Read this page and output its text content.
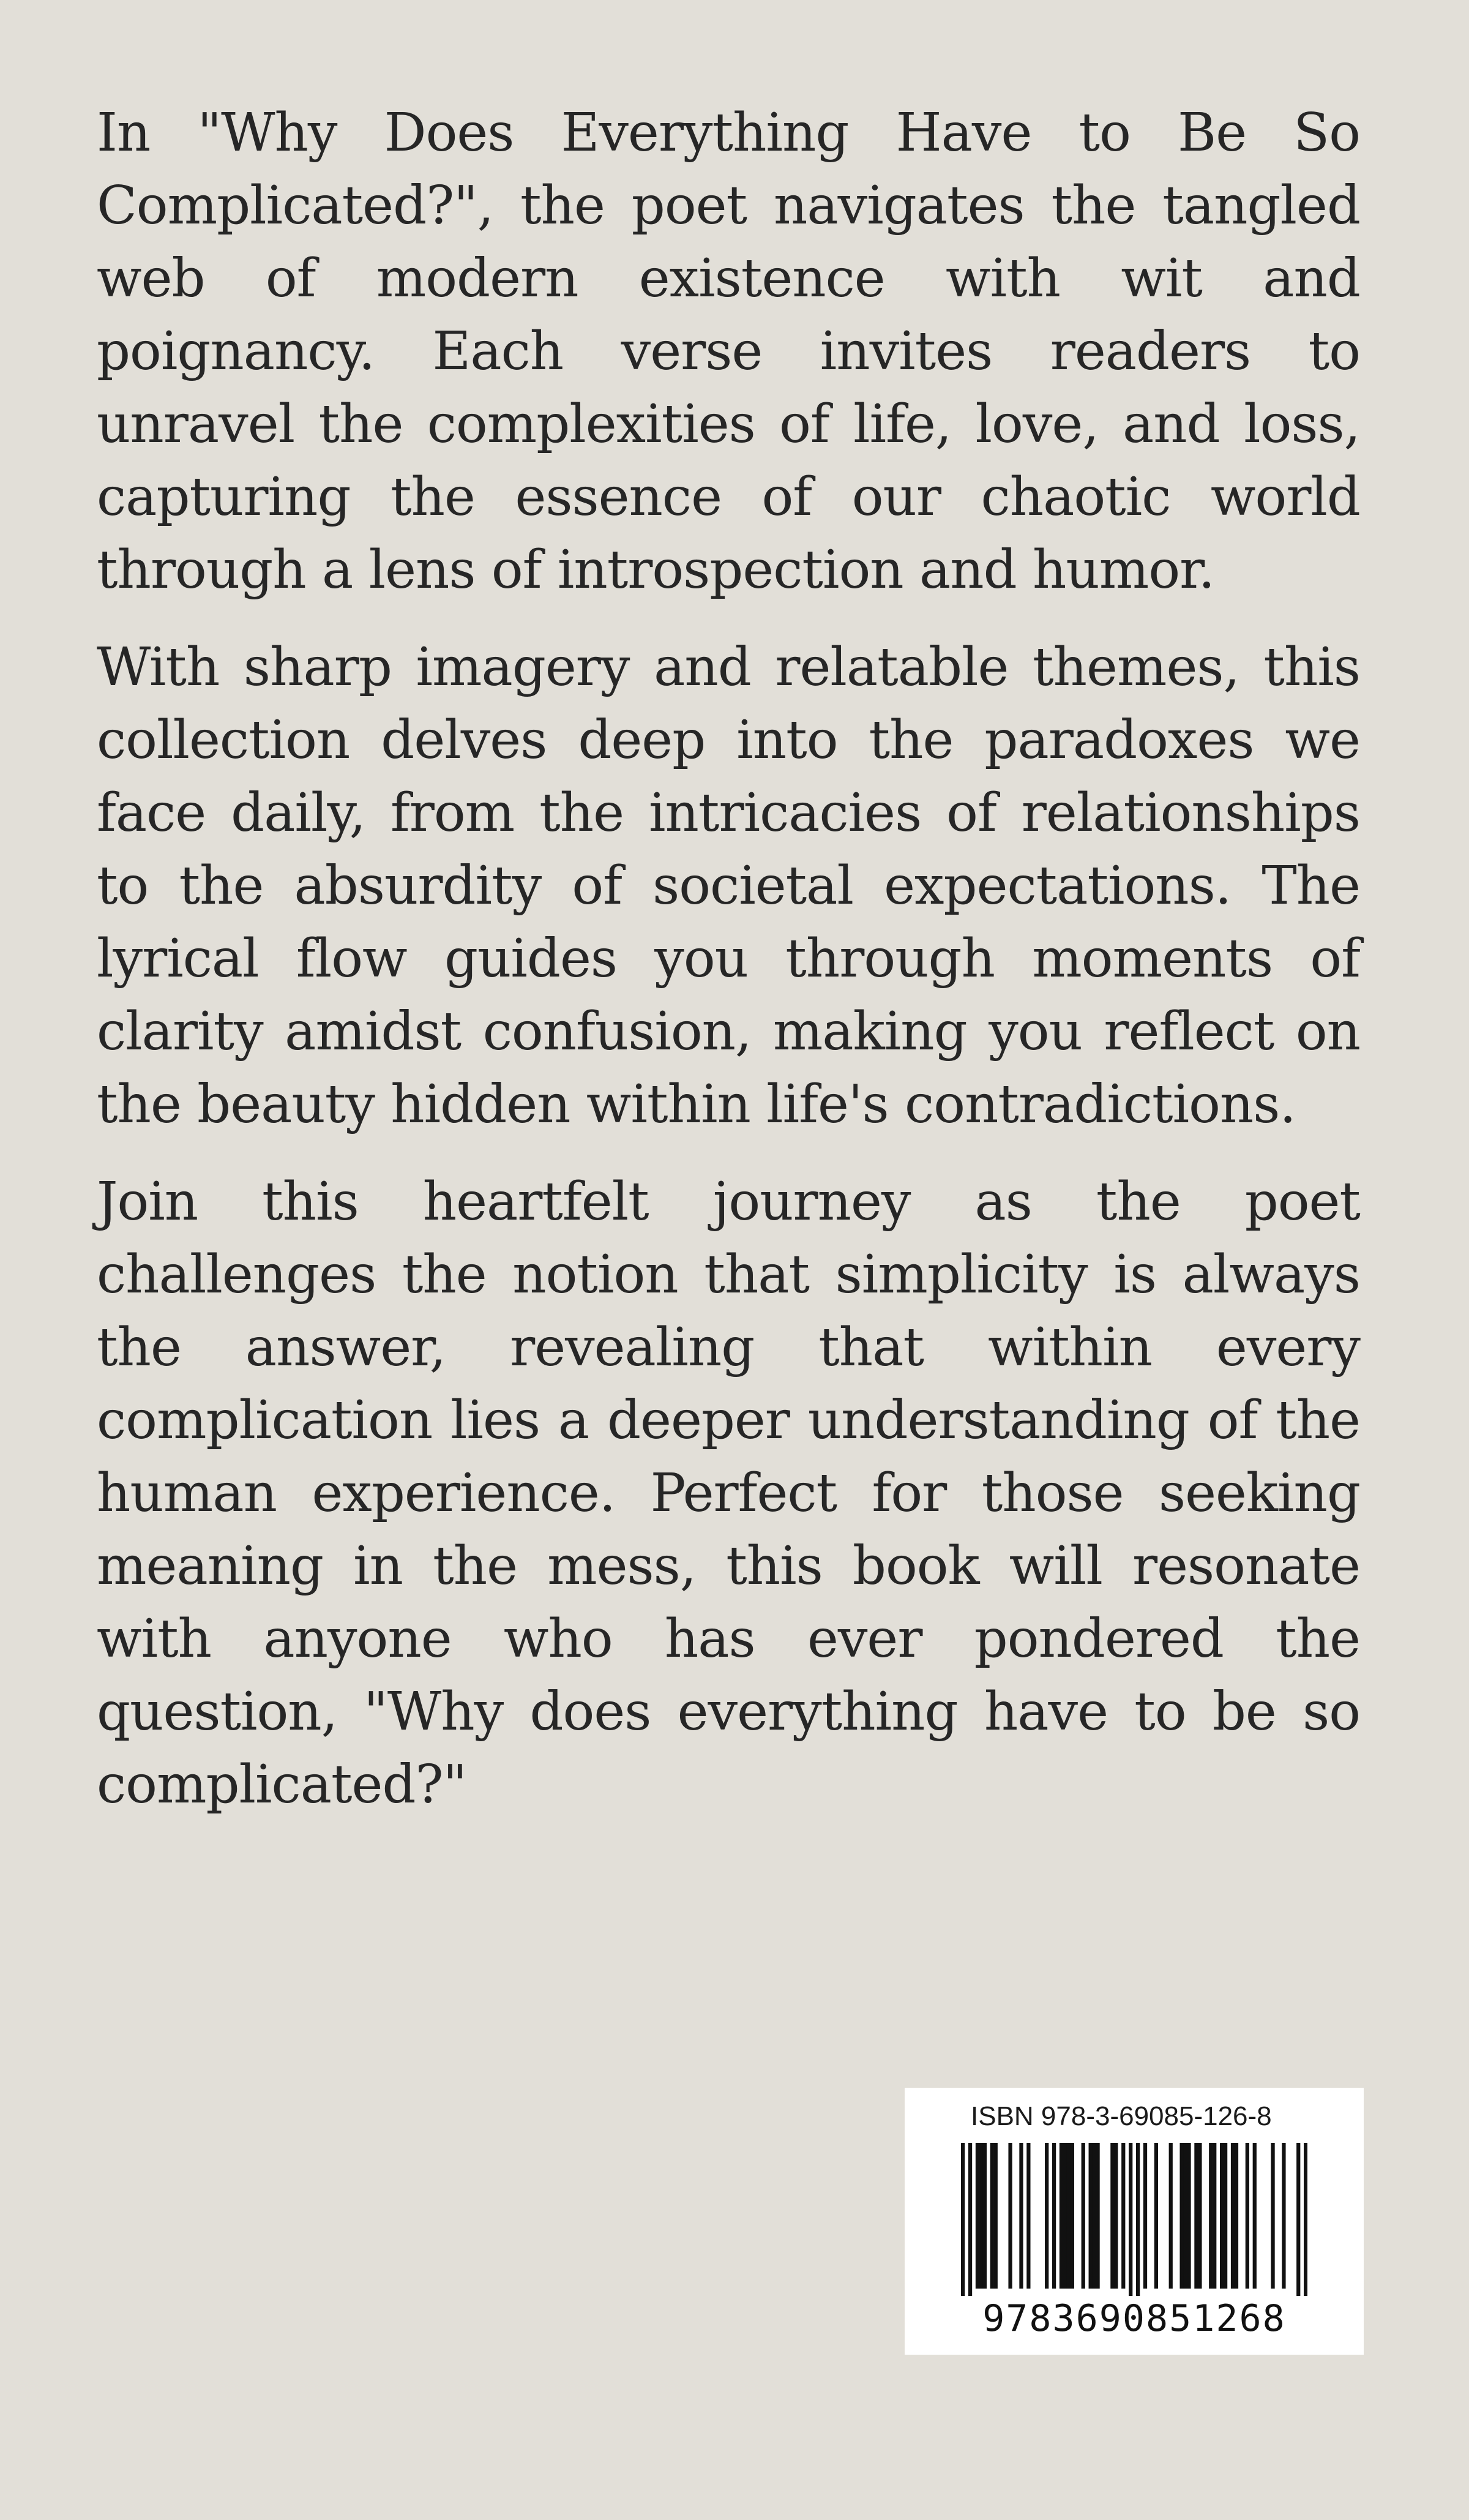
In "Why Does Everything Have to Be So Complicated?", the poet navigates the tangled web of modern existence with wit and poignancy. Each verse invites readers to unravel the complexities of life, love, and loss, capturing the essence of our chaotic world through a lens of introspection and humor.

With sharp imagery and relatable themes, this collection delves deep into the paradoxes we face daily, from the intricacies of relationships to the absurdity of societal expectations. The lyrical flow guides you through moments of clarity amidst confusion, making you reflect on the beauty hidden within life's contradictions.

Join this heartfelt journey as the poet challenges the notion that simplicity is always the answer, revealing that within every complication lies a deeper understanding of the human experience. Perfect for those seeking meaning in the mess, this book will resonate with anyone who has ever pondered the question, "Why does everything have to be so complicated?"

ISBN 978-3-69085-126-8
9783690851268
